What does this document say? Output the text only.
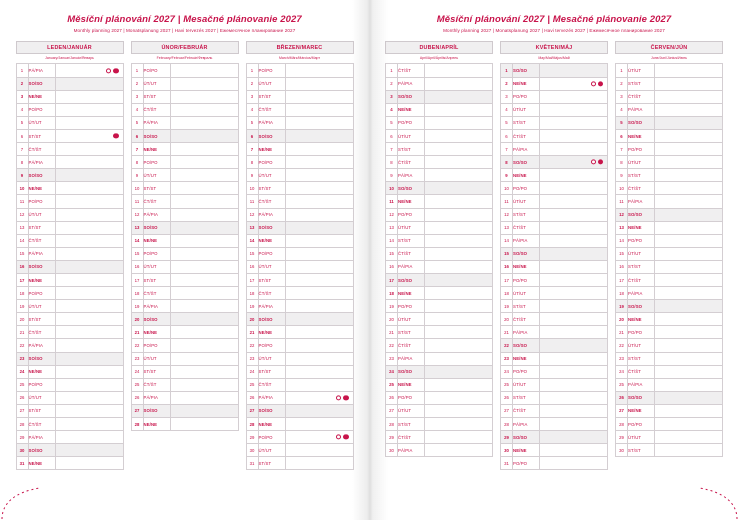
Měsíční plánování 2027 | Mesačné plánovanie 2027
Monthly planning 2027 | Monatsplanung 2027 | Havi tervezés 2027 | Ежемесячное планирование 2027
LEDEN/JANUÁR
January/Januar/Január/Январь
1	PÁ/PIA	

2	SO/SO	
3	NE/NE	
4	PO/PO	
5	ÚT/UT	
6	ST/ST	

7	ČT/ŠT	
8	PÁ/PIA	
9	SO/SO	
10	NE/NE	
11	PO/PO	
12	ÚT/UT	
13	ST/ST	
14	ČT/ŠT	
15	PÁ/PIA	
16	SO/SO	
17	NE/NE	
18	PO/PO	
19	ÚT/UT	
20	ST/ST	
21	ČT/ŠT	
22	PÁ/PIA	
23	SO/SO	
24	NE/NE	
25	PO/PO	
26	ÚT/UT	
27	ST/ST	
28	ČT/ŠT	
29	PÁ/PIA	
30	SO/SO	
31	NE/NE	
ÚNOR/FEBRUÁR
February/Februar/Február/Февраль
1	PO/PO	
2	ÚT/UT	
3	ST/ST	
4	ČT/ŠT	
5	PÁ/PIA	
6	SO/SO	
7	NE/NE	
8	PO/PO	
9	ÚT/UT	
10	ST/ST	
11	ČT/ŠT	
12	PÁ/PIA	
13	SO/SO	
14	NE/NE	
15	PO/PO	
16	ÚT/UT	
17	ST/ST	
18	ČT/ŠT	
19	PÁ/PIA	
20	SO/SO	
21	NE/NE	
22	PO/PO	
23	ÚT/UT	
24	ST/ST	
25	ČT/ŠT	
26	PÁ/PIA	
27	SO/SO	
28	NE/NE	
BŘEZEN/MAREC
March/März/Március/Март
1	PO/PO	
2	ÚT/UT	
3	ST/ST	
4	ČT/ŠT	
5	PÁ/PIA	
6	SO/SO	
7	NE/NE	
8	PO/PO	
9	ÚT/UT	
10	ST/ST	
11	ČT/ŠT	
12	PÁ/PIA	
13	SO/SO	
14	NE/NE	
15	PO/PO	
16	ÚT/UT	
17	ST/ST	
18	ČT/ŠT	
19	PÁ/PIA	
20	SO/SO	
21	NE/NE	
22	PO/PO	
23	ÚT/UT	
24	ST/ST	
25	ČT/ŠT	
26	PÁ/PIA	

27	SO/SO	
28	NE/NE	
29	PO/PO	

30	ÚT/UT	
31	ST/ST	
Měsíční plánování 2027 | Mesačné plánovanie 2027
Monthly planning 2027 | Monatsplanung 2027 | Havi tervezés 2027 | Ежемесячное планирование 2027
DUBEN/APRÍL
April/April/Április/Апрель
1	ČT/ŠT	
2	PÁ/PIA	
3	SO/SO	
4	NE/NE	
5	PO/PO	
6	ÚT/UT	
7	ST/ST	
8	ČT/ŠT	
9	PÁ/PIA	
10	SO/SO	
11	NE/NE	
12	PO/PO	
13	ÚT/UT	
14	ST/ST	
15	ČT/ŠT	
16	PÁ/PIA	
17	SO/SO	
18	NE/NE	
19	PO/PO	
20	ÚT/UT	
21	ST/ST	
22	ČT/ŠT	
23	PÁ/PIA	
24	SO/SO	
25	NE/NE	
26	PO/PO	
27	ÚT/UT	
28	ST/ST	
29	ČT/ŠT	
30	PÁ/PIA	
KVĚTEN/MÁJ
May/Mai/Május/Май
1	SO/SO	
2	NE/NE	

3	PO/PO	
4	ÚT/UT	
5	ST/ST	
6	ČT/ŠT	
7	PÁ/PIA	
8	SO/SO	

9	NE/NE	
10	PO/PO	
11	ÚT/UT	
12	ST/ST	
13	ČT/ŠT	
14	PÁ/PIA	
15	SO/SO	
16	NE/NE	
17	PO/PO	
18	ÚT/UT	
19	ST/ST	
20	ČT/ŠT	
21	PÁ/PIA	
22	SO/SO	
23	NE/NE	
24	PO/PO	
25	ÚT/UT	
26	ST/ST	
27	ČT/ŠT	
28	PÁ/PIA	
29	SO/SO	
30	NE/NE	
31	PO/PO	
ČERVEN/JÚN
June/Juni/Június/Июнь
1	ÚT/UT	
2	ST/ST	
3	ČT/ŠT	
4	PÁ/PIA	
5	SO/SO	
6	NE/NE	
7	PO/PO	
8	ÚT/UT	
9	ST/ST	
10	ČT/ŠT	
11	PÁ/PIA	
12	SO/SO	
13	NE/NE	
14	PO/PO	
15	ÚT/UT	
16	ST/ST	
17	ČT/ŠT	
18	PÁ/PIA	
19	SO/SO	
20	NE/NE	
21	PO/PO	
22	ÚT/UT	
23	ST/ST	
24	ČT/ŠT	
25	PÁ/PIA	
26	SO/SO	
27	NE/NE	
28	PO/PO	
29	ÚT/UT	
30	ST/ST	
